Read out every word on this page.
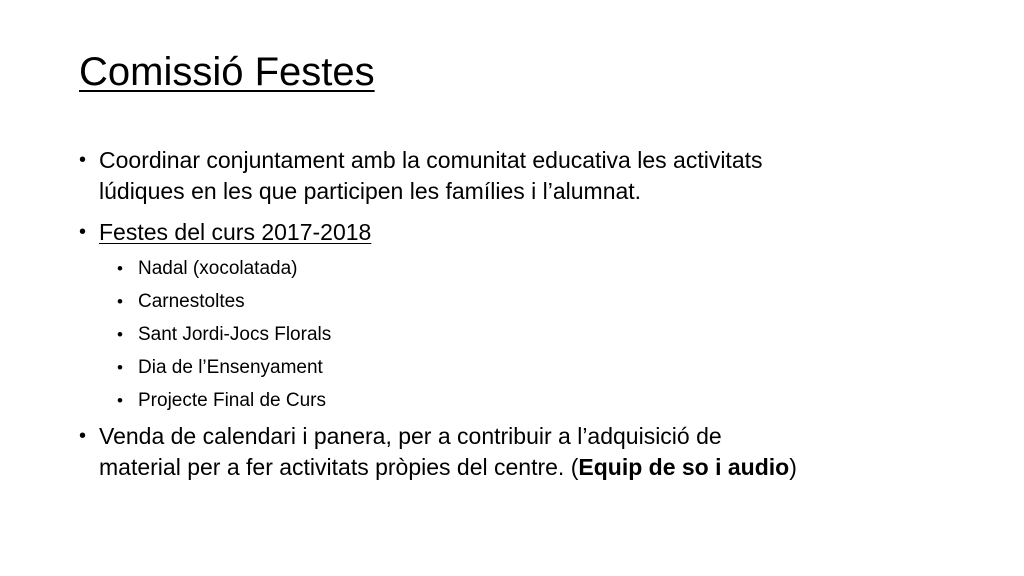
Comissió Festes
• Coordinar conjuntament amb la comunitat educativa les activitats
lúdiques en les que participen les famílies i l’alumnat.
• Festes del curs 2017-2018
• Nadal (xocolatada)
• Carnestoltes
• Sant Jordi-Jocs Florals
• Dia de l’Ensenyament
• Projecte Final de Curs
• Venda de calendari i panera, per a contribuir a l’adquisició de
material per a fer activitats pròpies del centre. (Equip de so i audio)
